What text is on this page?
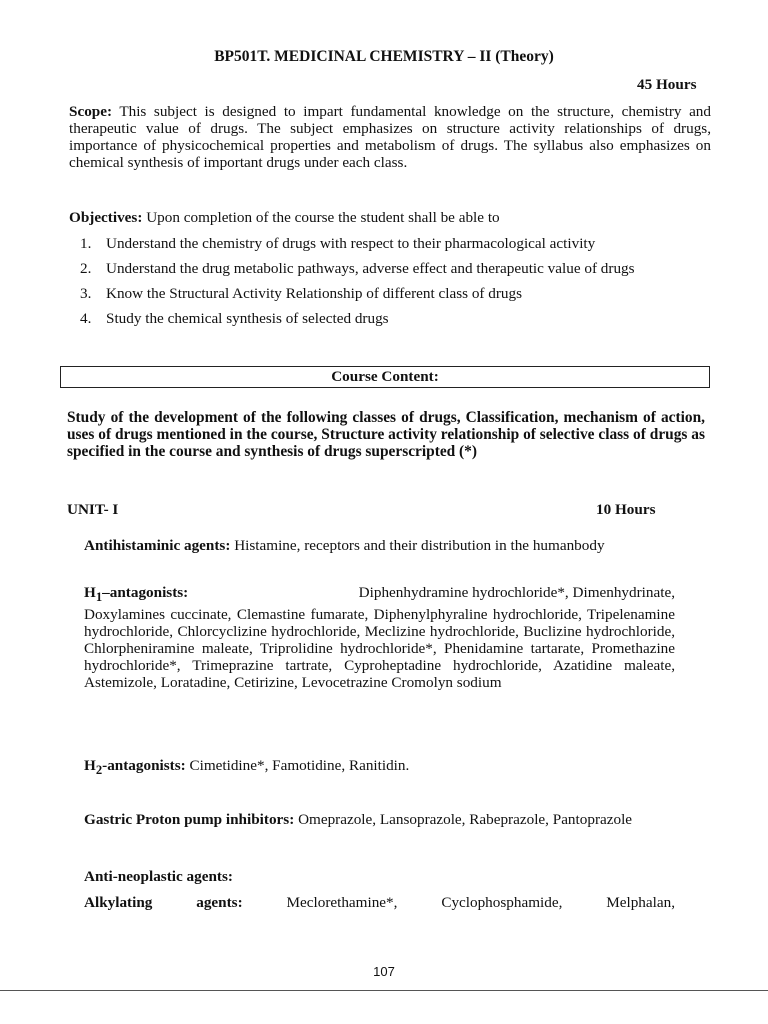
BP501T. MEDICINAL CHEMISTRY – II (Theory)
45 Hours
Scope: This subject is designed to impart fundamental knowledge on the structure, chemistry and therapeutic value of drugs. The subject emphasizes on structure activity relationships of drugs, importance of physicochemical properties and metabolism of drugs. The syllabus also emphasizes on chemical synthesis of important drugs under each class.
Objectives: Upon completion of the course the student shall be able to
1. Understand the chemistry of drugs with respect to their pharmacological activity
2. Understand the drug metabolic pathways, adverse effect and therapeutic value of drugs
3. Know the Structural Activity Relationship of different class of drugs
4. Study the chemical synthesis of selected drugs
Course Content:
Study of the development of the following classes of drugs, Classification, mechanism of action, uses of drugs mentioned in the course, Structure activity relationship of selective class of drugs as specified in the course and synthesis of drugs superscripted (*)
UNIT- I	10 Hours
Antihistaminic agents: Histamine, receptors and their distribution in the humanbody
$H_1$–antagonists:	Diphenhydramine hydrochloride*, Dimenhydrinate,
Doxylamines cuccinate, Clemastine fumarate, Diphenylphyraline hydrochloride, Tripelenamine hydrochloride, Chlorcyclizine hydrochloride, Meclizine hydrochloride, Buclizine hydrochloride, Chlorpheniramine maleate, Triprolidine hydrochloride*, Phenidamine tartarate, Promethazine hydrochloride*, Trimeprazine tartrate, Cyproheptadine hydrochloride, Azatidine maleate, Astemizole, Loratadine, Cetirizine, Levocetrazine Cromolyn sodium
$H_2$-antagonists: Cimetidine*, Famotidine, Ranitidin.
Gastric Proton pump inhibitors: Omeprazole, Lansoprazole, Rabeprazole, Pantoprazole
Anti-neoplastic agents:
Alkylating	agents:	Meclorethamine*,	Cyclophosphamide,	Melphalan,
107
